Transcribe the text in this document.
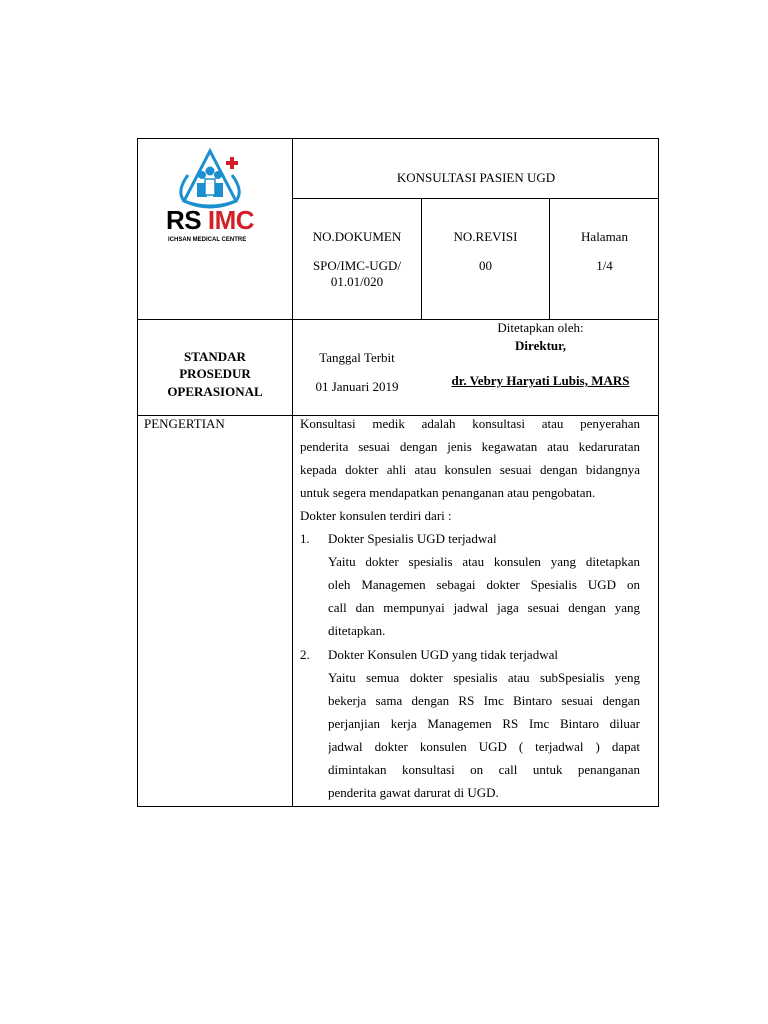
RS IMC
ICHSAN MEDICAL CENTRE
KONSULTASI PASIEN UGD
NO.DOKUMEN
SPO/IMC-UGD/
01.01/020
NO.REVISI
00
Halaman
1/4
STANDAR
PROSEDUR
OPERASIONAL
Tanggal Terbit
01 Januari 2019
Ditetapkan oleh:
Direktur,
dr. Vebry Haryati Lubis, MARS
PENGERTIAN	Konsultasi medik adalah konsultasi atau penyerahan
penderita sesuai dengan jenis kegawatan atau kedaruratan
kepada dokter ahli atau konsulen sesuai dengan bidangnya
untuk segera mendapatkan penanganan atau pengobatan.
Dokter konsulen terdiri dari :
1. Dokter Spesialis UGD terjadwal
Yaitu dokter spesialis atau konsulen yang ditetapkan
oleh Managemen sebagai dokter Spesialis UGD on
call dan mempunyai jadwal jaga sesuai dengan yang
ditetapkan.
2. Dokter Konsulen UGD yang tidak terjadwal
Yaitu semua dokter spesialis atau subSpesialis yeng
bekerja sama dengan RS Imc Bintaro sesuai dengan
perjanjian kerja Managemen RS Imc Bintaro diluar
jadwal dokter konsulen UGD ( terjadwal ) dapat
dimintakan konsultasi on call untuk penanganan
penderita gawat darurat di UGD.
